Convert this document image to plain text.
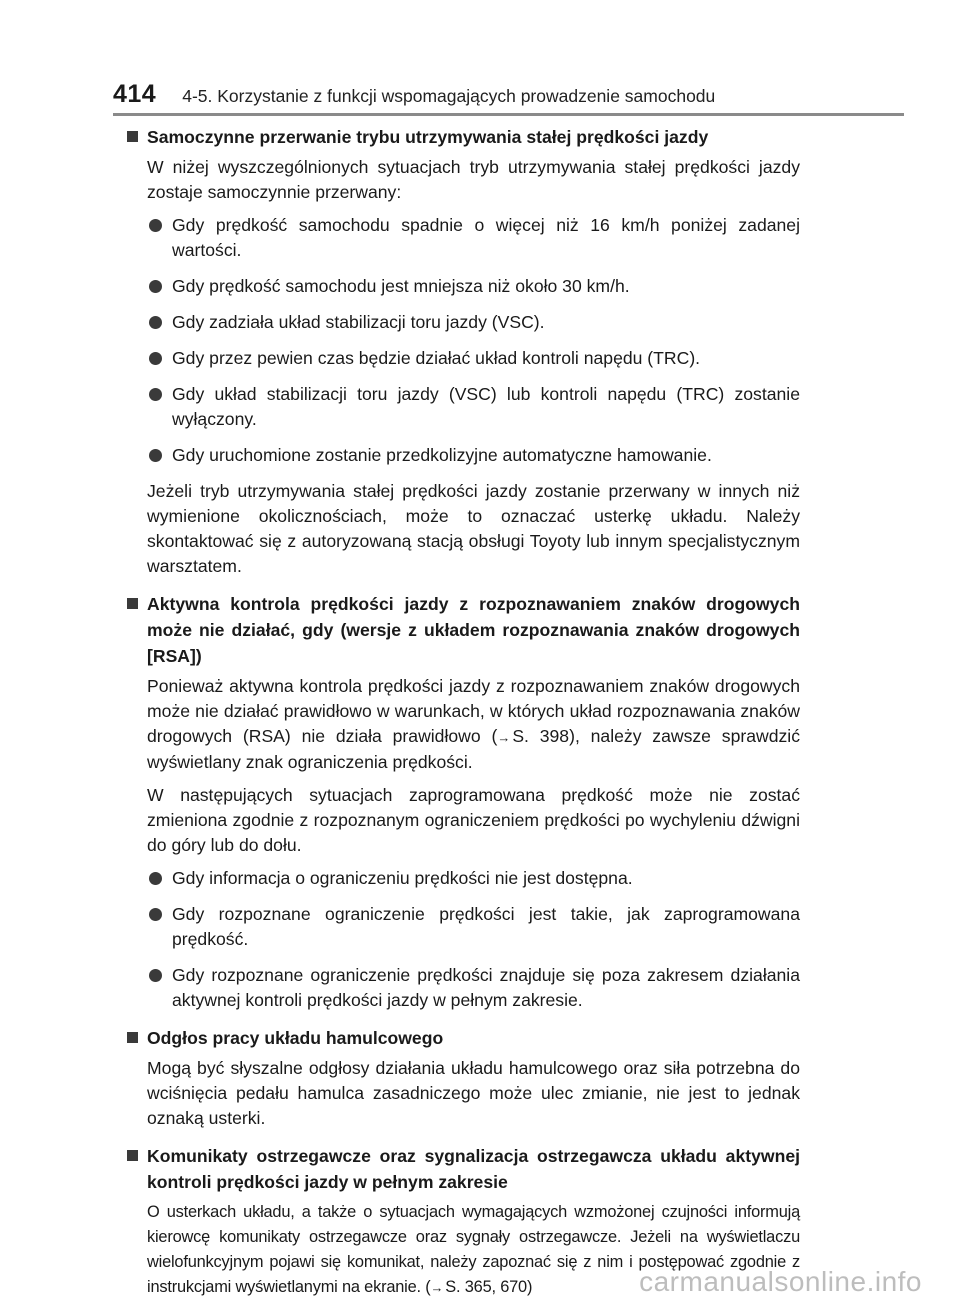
414 4-5. Korzystanie z funkcji wspomagających prowadzenie samochodu
Samoczynne przerwanie trybu utrzymywania stałej prędkości jazdy

W niżej wyszczególnionych sytuacjach tryb utrzymywania stałej prędkości jazdy zostaje samoczynnie przerwany:

Gdy prędkość samochodu spadnie o więcej niż 16 km/h poniżej zadanej wartości.
Gdy prędkość samochodu jest mniejsza niż około 30 km/h.
Gdy zadziała układ stabilizacji toru jazdy (VSC).
Gdy przez pewien czas będzie działać układ kontroli napędu (TRC).
Gdy układ stabilizacji toru jazdy (VSC) lub kontroli napędu (TRC) zostanie wyłączony.
Gdy uruchomione zostanie przedkolizyjne automatyczne hamowanie.

Jeżeli tryb utrzymywania stałej prędkości jazdy zostanie przerwany w innych niż wymienione okolicznościach, może to oznaczać usterkę układu. Należy skontaktować się z autoryzowaną stacją obsługi Toyoty lub innym specjalistycznym warsztatem.

Aktywna kontrola prędkości jazdy z rozpoznawaniem znaków drogowych może nie działać, gdy (wersje z układem rozpoznawania znaków drogowych [RSA])

Ponieważ aktywna kontrola prędkości jazdy z rozpoznawaniem znaków drogowych może nie działać prawidłowo w warunkach, w których układ rozpoznawania znaków drogowych (RSA) nie działa prawidłowo (→ S. 398), należy zawsze sprawdzić wyświetlany znak ograniczenia prędkości.

W następujących sytuacjach zaprogramowana prędkość może nie zostać zmieniona zgodnie z rozpoznanym ograniczeniem prędkości po wychyleniu dźwigni do góry lub do dołu.

Gdy informacja o ograniczeniu prędkości nie jest dostępna.
Gdy rozpoznane ograniczenie prędkości jest takie, jak zaprogramowana prędkość.
Gdy rozpoznane ograniczenie prędkości znajduje się poza zakresem działania aktywnej kontroli prędkości jazdy w pełnym zakresie.
Odgłos pracy układu hamulcowego

Mogą być słyszalne odgłosy działania układu hamulcowego oraz siła potrzebna do wciśnięcia pedału hamulca zasadniczego może ulec zmianie, nie jest to jednak oznaką usterki.

Komunikaty ostrzegawcze oraz sygnalizacja ostrzegawcza układu aktywnej kontroli prędkości jazdy w pełnym zakresie

O usterkach układu, a także o sytuacjach wymagających wzmożonej czujności informują kierowcę komunikaty ostrzegawcze oraz sygnały ostrzegawcze. Jeżeli na wyświetlaczu wielofunkcyjnym pojawi się komunikat, należy zapoznać się z nim i postępować zgodnie z instrukcjami wyświetlanymi na ekranie. (→ S. 365, 670)	carmanualsonline.info
